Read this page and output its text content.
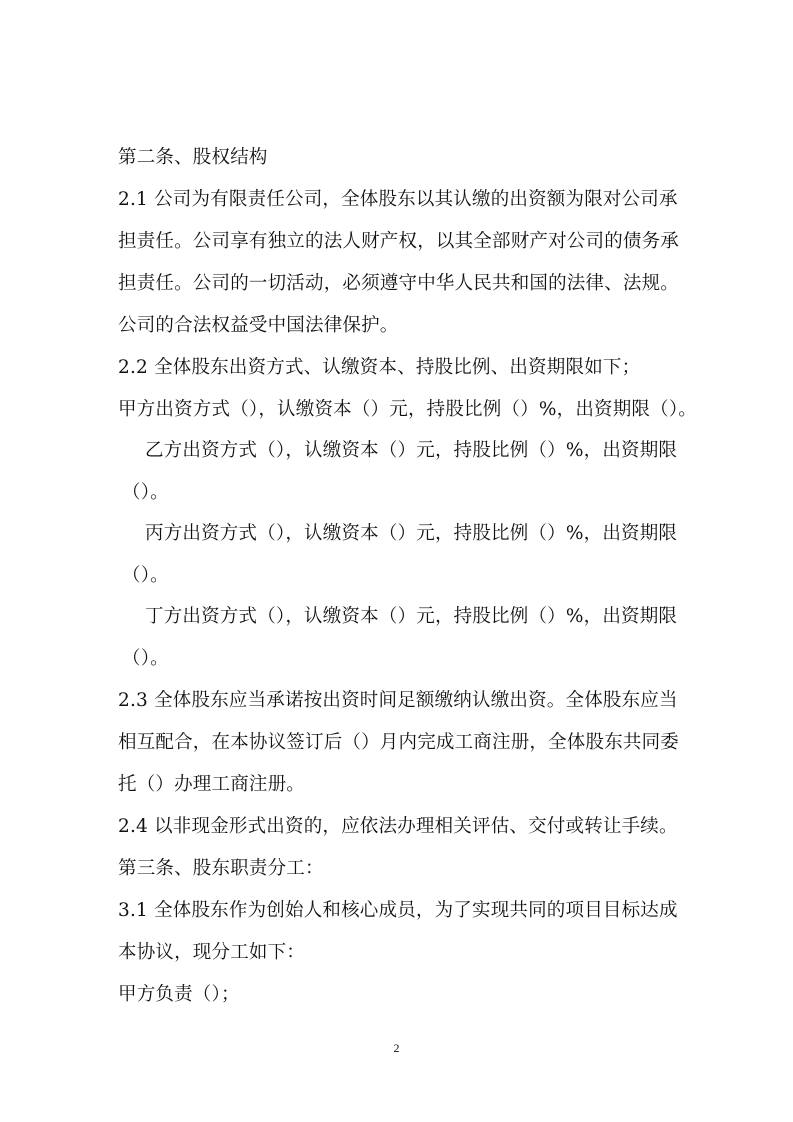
第二条、股权结构
2.1 公司为有限责任公司，全体股东以其认缴的出资额为限对公司承
担责任。公司享有独立的法人财产权，以其全部财产对公司的债务承
担责任。公司的一切活动，必须遵守中华人民共和国的法律、法规。
公司的合法权益受中国法律保护。
2.2 全体股东出资方式、认缴资本、持股比例、出资期限如下；
甲方出资方式（），认缴资本（）元，持股比例（）%，出资期限（）。
乙方出资方式（），认缴资本（）元，持股比例（）%，出资期限
（）。
丙方出资方式（），认缴资本（）元，持股比例（）%，出资期限
（）。
丁方出资方式（），认缴资本（）元，持股比例（）%，出资期限
（）。
2.3 全体股东应当承诺按出资时间足额缴纳认缴出资。全体股东应当
相互配合，在本协议签订后（）月内完成工商注册，全体股东共同委
托（）办理工商注册。
2.4 以非现金形式出资的，应依法办理相关评估、交付或转让手续。
第三条、股东职责分工：
3.1 全体股东作为创始人和核心成员，为了实现共同的项目目标达成
本协议，现分工如下：
甲方负责（）；
2
